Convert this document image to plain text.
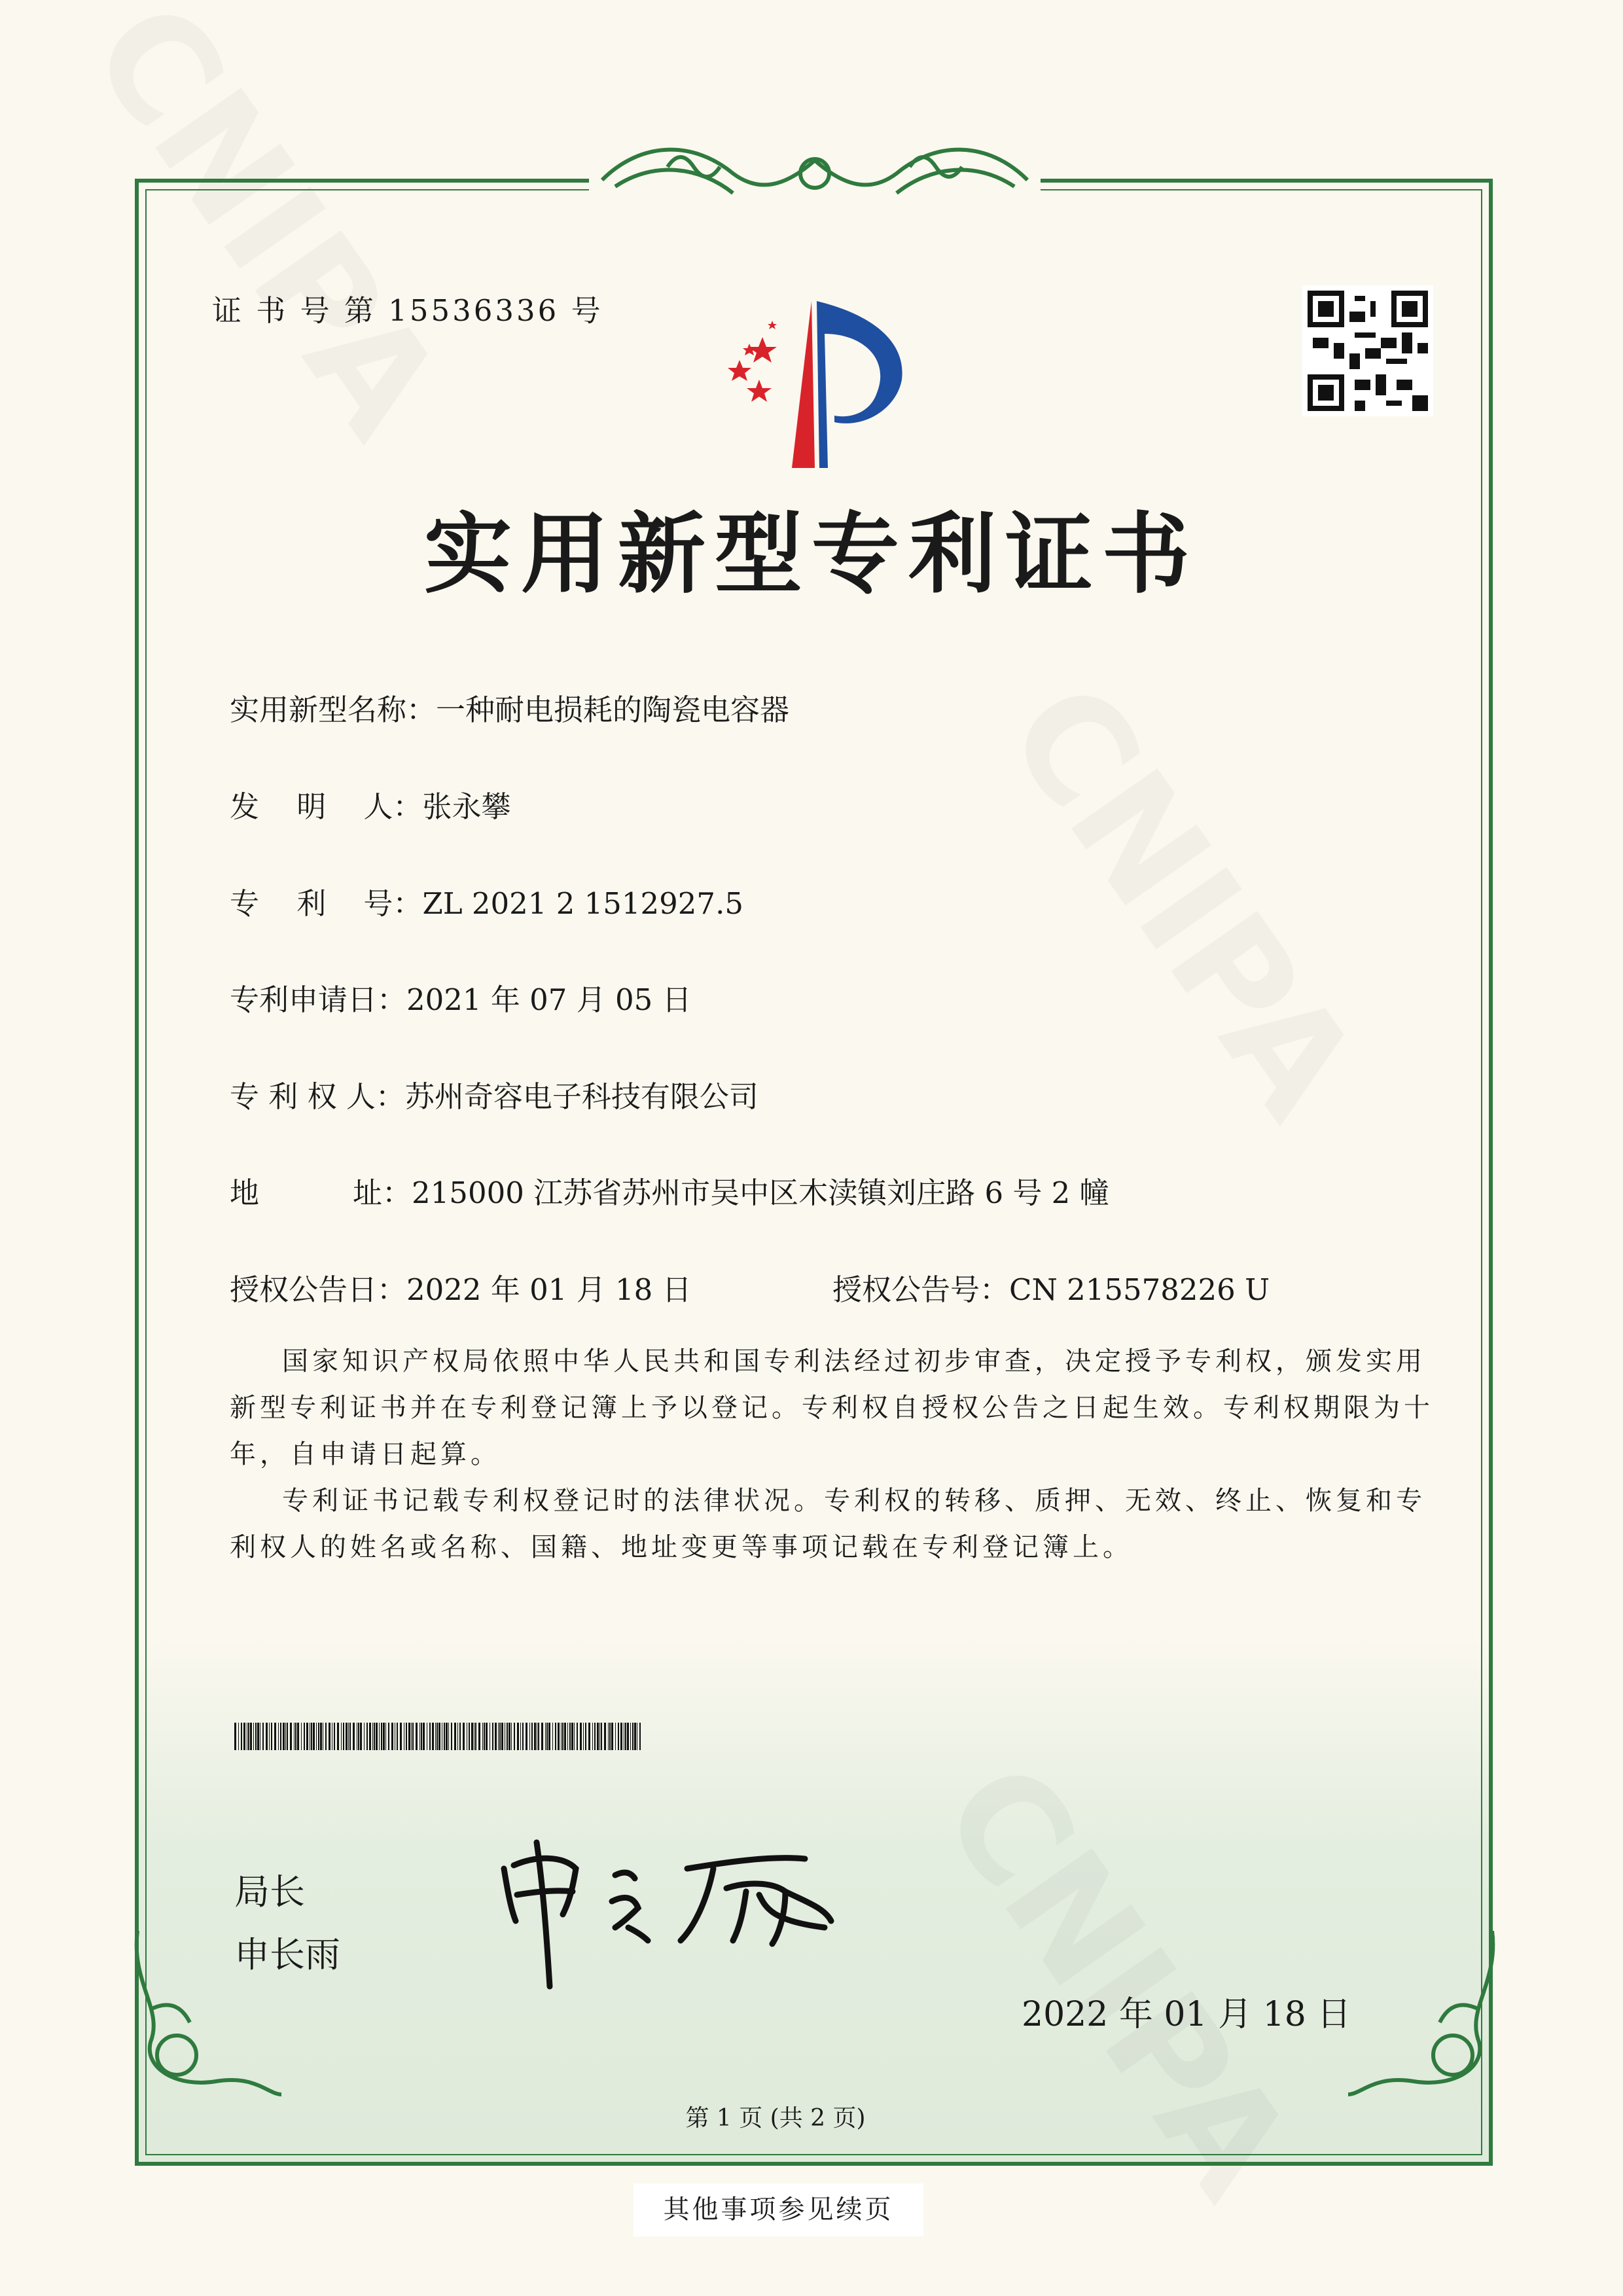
证 书 号 第 15536336 号
实用新型专利证书
实用新型名称：一种耐电损耗的陶瓷电容器
发    明    人：张永攀
专    利    号：ZL 2021 2 1512927.5
专利申请日：2021 年 07 月 05 日
专 利 权 人：苏州奇容电子科技有限公司
地          址：215000 江苏省苏州市吴中区木渎镇刘庄路 6 号 2 幢
授权公告日：2022 年 01 月 18 日	授权公告号：CN 215578226 U

国家知识产权局依照中华人民共和国专利法经过初步审查，决定授予专利权，颁发实用新型专利证书并在专利登记簿上予以登记。专利权自授权公告之日起生效。专利权期限为十年，自申请日起算。

专利证书记载专利权登记时的法律状况。专利权的转移、质押、无效、终止、恢复和专利权人的姓名或名称、国籍、地址变更等事项记载在专利登记簿上。

局长
申长雨
2022 年 01 月 18 日
第 1 页 (共 2 页)
其他事项参见续页
